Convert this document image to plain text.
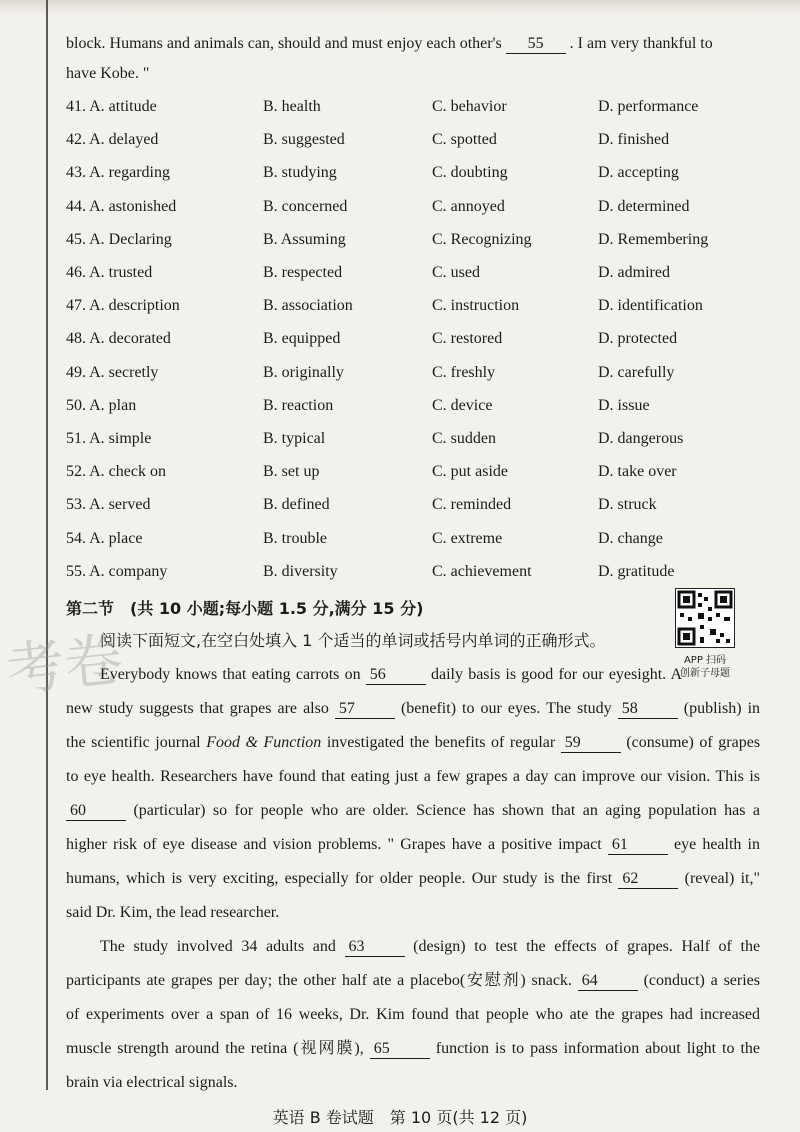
block. Humans and animals can, should and must enjoy each other's 55 . I am very thankful to
have Kobe. "
41. A. attitude	B. health	C. behavior	D. performance
42. A. delayed	B. suggested	C. spotted	D. finished
43. A. regarding	B. studying	C. doubting	D. accepting
44. A. astonished	B. concerned	C. annoyed	D. determined
45. A. Declaring	B. Assuming	C. Recognizing	D. Remembering
46. A. trusted	B. respected	C. used	D. admired
47. A. description	B. association	C. instruction	D. identification
48. A. decorated	B. equipped	C. restored	D. protected
49. A. secretly	B. originally	C. freshly	D. carefully
50. A. plan	B. reaction	C. device	D. issue
51. A. simple	B. typical	C. sudden	D. dangerous
52. A. check on	B. set up	C. put aside	D. take over
53. A. served	B. defined	C. reminded	D. struck
54. A. place	B. trouble	C. extreme	D. change
55. A. company	B. diversity	C. achievement	D. gratitude
第二节　(共 10 小题;每小题 1.5 分,满分 15 分)
阅读下面短文,在空白处填入 1 个适当的单词或括号内单词的正确形式。
APP 扫码
创新子母题
考卷

Everybody knows that eating carrots on 56	daily basis is good for our eyesight. A

new study suggests that grapes are also 57	(benefit) to our eyes. The study 58	(publish) in

the scientific journal Food & Function investigated the benefits of regular 59	(consume) of grapes

to eye health. Researchers have found that eating just a few grapes a day can improve our vision. This is

60	(particular) so for people who are older. Science has shown that an aging population has a

higher risk of eye disease and vision problems. " Grapes have a positive impact 61	eye health in

humans, which is very exciting, especially for older people. Our study is the first 62	(reveal) it,"

said Dr. Kim, the lead researcher.

The study involved 34 adults and 63	(design) to test the effects of grapes. Half of the

participants ate grapes per day; the other half ate a placebo(安慰剂) snack. 64	(conduct) a series

of experiments over a span of 16 weeks, Dr. Kim found that people who ate the grapes had increased

muscle strength around the retina (视网膜), 65	function is to pass information about light to the

brain via electrical signals.

英语 B 卷试题　第 10 页(共 12 页)
